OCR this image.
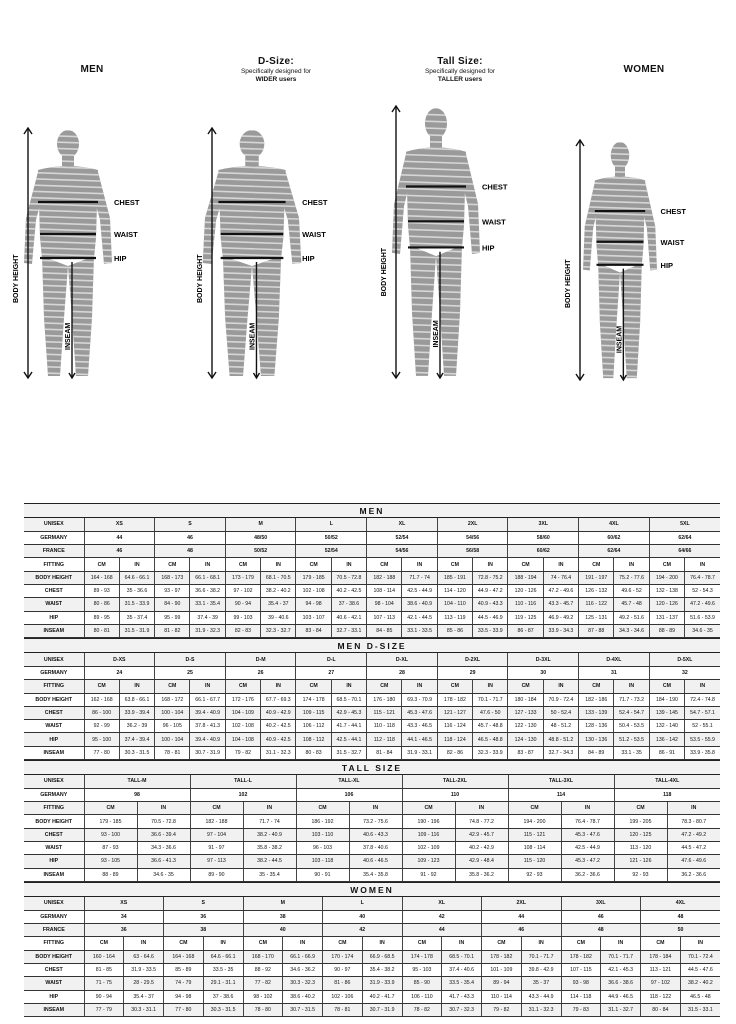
MEN
BODY HEIGHT
INSEAM
CHEST
WAIST
HIP
D-Size:
Specifically designed for
WIDER users
BODY HEIGHT
INSEAM
CHEST
WAIST
HIP
Tall Size:
Specifically designed for
TALLER users
BODY HEIGHT
INSEAM
CHEST
WAIST
HIP
WOMEN
BODY HEIGHT
INSEAM
CHEST
WAIST
HIP
MEN
UNISEX	XS		S		M		L		XL		2XL		3XL		4XL		5XL	
GERMANY	44		46		48/50		50/52		52/54		54/56		58/60		60/62		62/64	
FRANCE	46		48		50/52		52/54		54/56		56/58		60/62		62/64		64/66	
FITTING	CM	IN	CM	IN	CM	IN	CM	IN	CM	IN	CM	IN	CM	IN	CM	IN	CM	IN
BODY HEIGHT	164 - 168	64.6 - 66.1	168 - 173	66.1 - 68.1	173 - 179	68.1 - 70.5	179 - 185	70.5 - 72.8	182 - 188	71.7 - 74	185 - 191	72.8 - 75.2	188 - 194	74 - 76.4	191 - 197	75.2 - 77.6	194 - 200	76.4 - 78.7
CHEST	89 - 93	35 - 36.6	93 - 97	36.6 - 38.2	97 - 102	38.2 - 40.2	102 - 108	40.2 - 42.5	108 - 114	42.5 - 44.9	114 - 120	44.9 - 47.2	120 - 126	47.2 - 49.6	126 - 132	49.6 - 52	132 - 138	52 - 54.3
WAIST	80 - 86	31.5 - 33.9	84 - 90	33.1 - 35.4	90 - 94	35.4 - 37	94 - 98	37 - 38.6	98 - 104	38.6 - 40.9	104 - 110	40.9 - 43.3	110 - 116	43.3 - 45.7	116 - 122	45.7 - 48	120 - 126	47.2 - 49.6
HIP	89 - 95	35 - 37.4	95 - 99	37.4 - 39	99 - 103	39 - 40.6	103 - 107	40.6 - 42.1	107 - 113	42.1 - 44.5	113 - 119	44.5 - 46.9	119 - 125	46.9 - 49.2	125 - 131	49.2 - 51.6	131 - 137	51.6 - 53.9
INSEAM	80 - 81	31.5 - 31.9	81 - 82	31.9 - 32.3	82 - 83	32.3 - 32.7	83 - 84	32.7 - 33.1	84 - 85	33.1 - 33.5	85 - 86	33.5 - 33.9	86 - 87	33.9 - 34.3	87 - 88	34.3 - 34.6	88 - 89	34.6 - 35
MEN D-SIZE
UNISEX	D-XS		D-S		D-M		D-L		D-XL		D-2XL		D-3XL		D-4XL		D-5XL	
GERMANY	24		25		26		27		28		29		30		31		32	
FITTING	CM	IN	CM	IN	CM	IN	CM	IN	CM	IN	CM	IN	CM	IN	CM	IN	CM	IN
BODY HEIGHT	162 - 168	63.8 - 66.1	168 - 172	66.1 - 67.7	172 - 176	67.7 - 69.3	174 - 178	68.5 - 70.1	176 - 180	69.3 - 70.9	178 - 182	70.1 - 71.7	180 - 184	70.9 - 72.4	182 - 186	71.7 - 73.2	184 - 190	72.4 - 74.8
CHEST	86 - 100	33.9 - 39.4	100 - 104	39.4 - 40.9	104 - 109	40.9 - 42.9	109 - 115	42.9 - 45.3	115 - 121	45.3 - 47.6	121 - 127	47.6 - 50	127 - 133	50 - 52.4	133 - 139	52.4 - 54.7	139 - 145	54.7 - 57.1
WAIST	92 - 99	36.2 - 39	96 - 105	37.8 - 41.3	102 - 108	40.2 - 42.5	106 - 112	41.7 - 44.1	110 - 118	43.3 - 46.5	116 - 124	45.7 - 48.8	122 - 130	48 - 51.2	128 - 136	50.4 - 53.5	132 - 140	52 - 55.1
HIP	95 - 100	37.4 - 39.4	100 - 104	39.4 - 40.9	104 - 108	40.9 - 42.5	108 - 112	42.5 - 44.1	112 - 118	44.1 - 46.5	118 - 124	46.5 - 48.8	124 - 130	48.8 - 51.2	130 - 136	51.2 - 53.5	136 - 142	53.5 - 55.9
INSEAM	77 - 80	30.3 - 31.5	78 - 81	30.7 - 31.9	79 - 82	31.1 - 32.3	80 - 83	31.5 - 32.7	81 - 84	31.9 - 33.1	82 - 86	32.3 - 33.9	83 - 87	32.7 - 34.3	84 - 89	33.1 - 35	86 - 91	33.9 - 35.8
TALL SIZE
UNISEX	TALL-M		TALL-L		TALL-XL		TALL-2XL		TALL-3XL		TALL-4XL	
GERMANY	98		102		106		110		114		118	
FITTING	CM	IN	CM	IN	CM	IN	CM	IN	CM	IN	CM	IN
BODY HEIGHT	179 - 185	70.5 - 72.8	182 - 188	71.7 - 74	186 - 192	73.2 - 75.6	190 - 196	74.8 - 77.2	194 - 200	76.4 - 78.7	199 - 205	78.3 - 80.7
CHEST	93 - 100	36.6 - 39.4	97 - 104	38.2 - 40.9	103 - 110	40.6 - 43.3	109 - 116	42.9 - 45.7	115 - 121	45.3 - 47.6	120 - 125	47.2 - 49.2
WAIST	87 - 93	34.3 - 36.6	91 - 97	35.8 - 38.2	96 - 103	37.8 - 40.6	102 - 109	40.2 - 42.9	108 - 114	42.5 - 44.9	113 - 120	44.5 - 47.2
HIP	93 - 105	36.6 - 41.3	97 - 113	38.2 - 44.5	103 - 118	40.6 - 46.5	109 - 123	42.9 - 48.4	115 - 120	45.3 - 47.2	121 - 126	47.6 - 49.6
INSEAM	88 - 89	34.6 - 35	89 - 90	35 - 35.4	90 - 91	35.4 - 35.8	91 - 92	35.8 - 36.2	92 - 93	36.2 - 36.6	92 - 93	36.2 - 36.6
WOMEN
UNISEX	XS		S		M		L		XL		2XL		3XL		4XL	
GERMANY	34		36		38		40		42		44		46		48	
FRANCE	36		38		40		42		44		46		48		50	
FITTING	CM	IN	CM	IN	CM	IN	CM	IN	CM	IN	CM	IN	CM	IN	CM	IN
BODY HEIGHT	160 - 164	63 - 64.6	164 - 168	64.6 - 66.1	168 - 170	66.1 - 66.9	170 - 174	66.9 - 68.5	174 - 178	68.5 - 70.1	178 - 182	70.1 - 71.7	178 - 182	70.1 - 71.7	178 - 184	70.1 - 72.4
CHEST	81 - 85	31.9 - 33.5	85 - 89	33.5 - 35	88 - 92	34.6 - 36.2	90 - 97	35.4 - 38.2	95 - 103	37.4 - 40.6	101 - 109	39.8 - 42.9	107 - 115	42.1 - 45.3	113 - 121	44.5 - 47.6
WAIST	71 - 75	28 - 29.5	74 - 79	29.1 - 31.1	77 - 82	30.3 - 32.3	81 - 86	31.9 - 33.9	85 - 90	33.5 - 35.4	89 - 94	35 - 37	93 - 98	36.6 - 38.6	97 - 102	38.2 - 40.2
HIP	90 - 94	35.4 - 37	94 - 98	37 - 38.6	98 - 102	38.6 - 40.2	102 - 106	40.2 - 41.7	106 - 110	41.7 - 43.3	110 - 114	43.3 - 44.9	114 - 118	44.9 - 46.5	118 - 122	46.5 - 48
INSEAM	77 - 79	30.3 - 31.1	77 - 80	30.3 - 31.5	78 - 80	30.7 - 31.5	78 - 81	30.7 - 31.9	78 - 82	30.7 - 32.3	79 - 82	31.1 - 32.3	79 - 83	31.1 - 32.7	80 - 84	31.5 - 33.1
